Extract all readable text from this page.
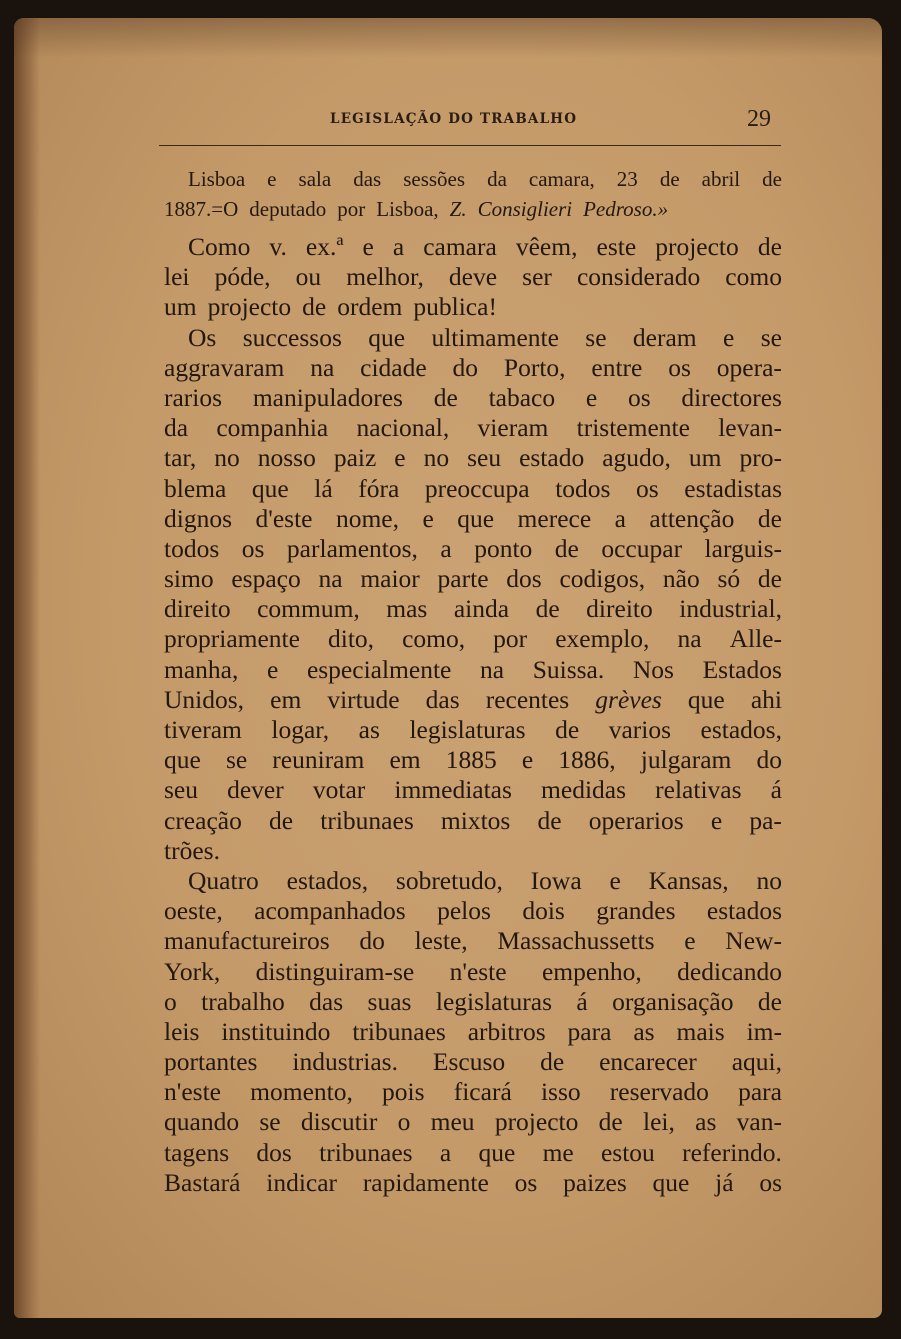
LEGISLAÇÃO DO TRABALHO	29
Lisboa e sala das sessões da camara, 23 de abril de
1887.=O deputado por Lisboa, Z. Consiglieri Pedroso.»
Como v. ex.ª e a camara vêem, este projecto de
lei póde, ou melhor, deve ser considerado como
um projecto de ordem publica!
Os successos que ultimamente se deram e se
aggravaram na cidade do Porto, entre os opera-
rarios manipuladores de tabaco e os directores
da companhia nacional, vieram tristemente levan-
tar, no nosso paiz e no seu estado agudo, um pro-
blema que lá fóra preoccupa todos os estadistas
dignos d'este nome, e que merece a attenção de
todos os parlamentos, a ponto de occupar larguis-
simo espaço na maior parte dos codigos, não só de
direito commum, mas ainda de direito industrial,
propriamente dito, como, por exemplo, na Alle-
manha, e especialmente na Suissa. Nos Estados
Unidos, em virtude das recentes grèves que ahi
tiveram logar, as legislaturas de varios estados,
que se reuniram em 1885 e 1886, julgaram do
seu dever votar immediatas medidas relativas á
creação de tribunaes mixtos de operarios e pa-
trões.
Quatro estados, sobretudo, Iowa e Kansas, no
oeste, acompanhados pelos dois grandes estados
manufactureiros do leste, Massachussetts e New-
York, distinguiram-se n'este empenho, dedicando
o trabalho das suas legislaturas á organisação de
leis instituindo tribunaes arbitros para as mais im-
portantes industrias. Escuso de encarecer aqui,
n'este momento, pois ficará isso reservado para
quando se discutir o meu projecto de lei, as van-
tagens dos tribunaes a que me estou referindo.
Bastará indicar rapidamente os paizes que já os
